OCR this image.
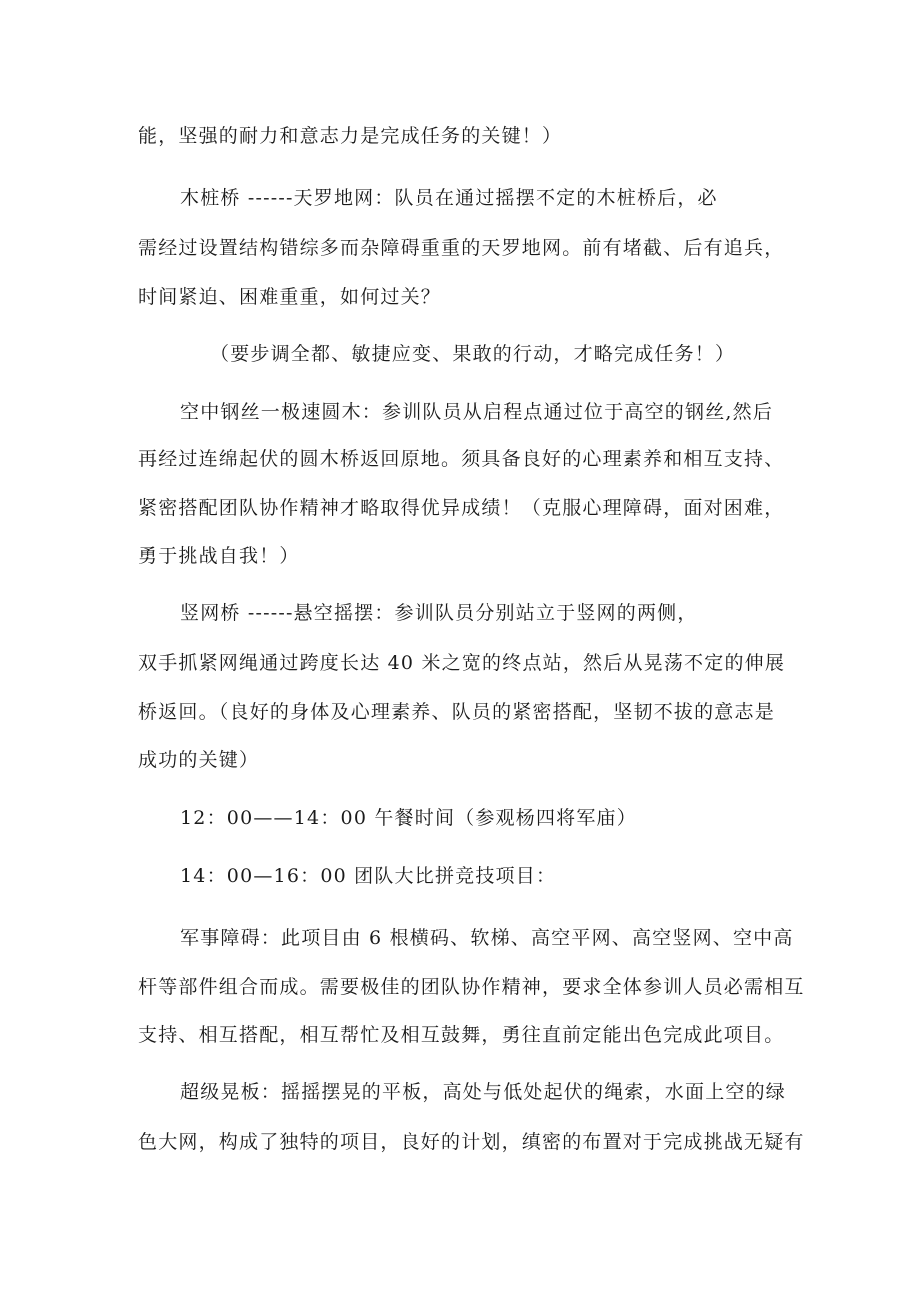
能，坚强的耐力和意志力是完成任务的关键！）
木桩桥 ------天罗地网：队员在通过摇摆不定的木桩桥后，必
需经过设置结构错综多而杂障碍重重的天罗地网。前有堵截、后有追兵，
时间紧迫、困难重重，如何过关？
（要步调全都、敏捷应变、果敢的行动，才略完成任务！）
空中钢丝一极速圆木：参训队员从启程点通过位于高空的钢丝,然后
再经过连绵起伏的圆木桥返回原地。须具备良好的心理素养和相互支持、
紧密搭配团队协作精神才略取得优异成绩！（克服心理障碍，面对困难，
勇于挑战自我！）
竖网桥 ------悬空摇摆：参训队员分别站立于竖网的两侧，
双手抓紧网绳通过跨度长达 40 米之宽的终点站，然后从晃荡不定的伸展
桥返回。（良好的身体及心理素养、队员的紧密搭配，坚韧不拔的意志是
成功的关键）
12：00——14：00 午餐时间（参观杨四将军庙）
14：00—16：00 团队大比拼竞技项目：
军事障碍：此项目由 6 根横码、软梯、高空平网、高空竖网、空中高
杆等部件组合而成。需要极佳的团队协作精神，要求全体参训人员必需相互
支持、相互搭配，相互帮忙及相互鼓舞，勇往直前定能出色完成此项目。
超级晃板：摇摇摆晃的平板，高处与低处起伏的绳索，水面上空的绿
色大网，构成了独特的项目，良好的计划，缜密的布置对于完成挑战无疑有
